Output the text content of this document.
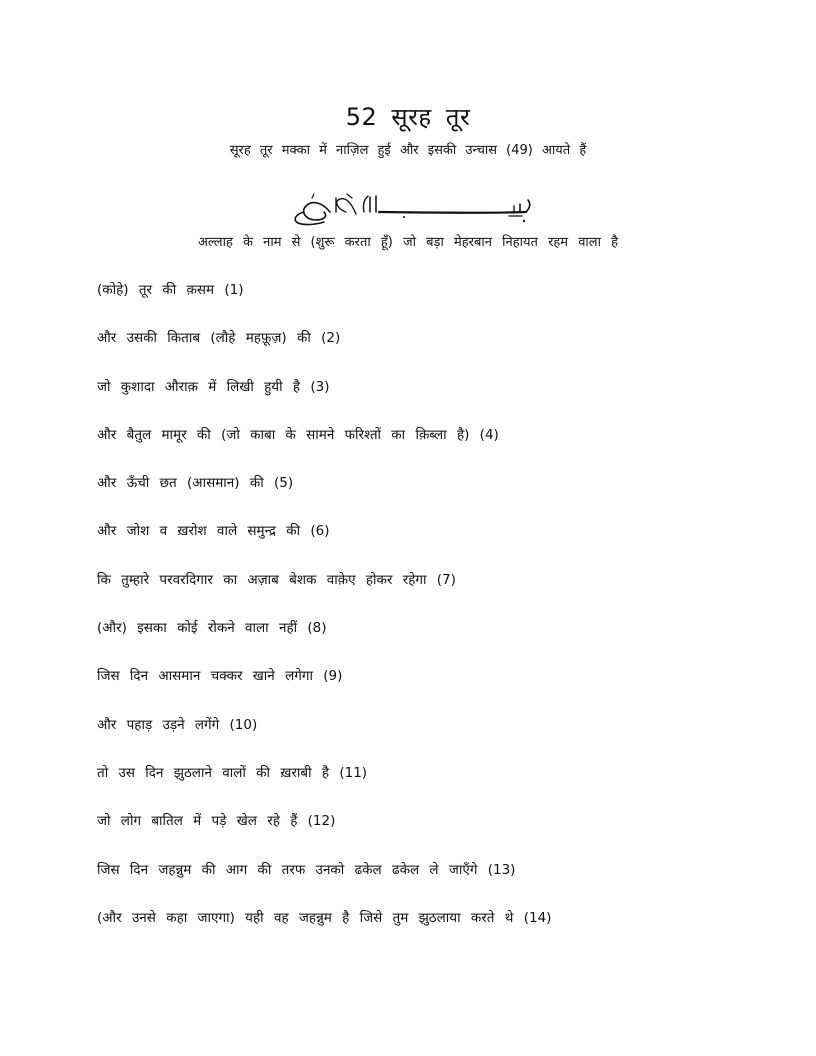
52 सूरह तूर
सूरह तूर मक्का में नाज़िल हुई और इसकी उन्चास (49) आयते हैं
अल्लाह के नाम से (शुरू करता हूँ) जो बड़ा मेहरबान निहायत रहम वाला है
(कोहे) तूर की क़सम (1)
और उसकी किताब (लौहे महफ़ूज़) की (2)
जो कुशादा औराक़ में लिखी हुयी है (3)
और बैतुल मामूर की (जो काबा के सामने फरिश्तों का क़िब्ला है) (4)
और ऊँची छत (आसमान) की (5)
और जोश व ख़रोश वाले समुन्द्र की (6)
कि तुम्हारे परवरदिगार का अज़ाब बेशक वाक़ेए होकर रहेगा (7)
(और) इसका कोई रोकने वाला नहीं (8)
जिस दिन आसमान चक्कर खाने लगेगा (9)
और पहाड़ उड़ने लगेंगे (10)
तो उस दिन झुठलाने वालों की ख़राबी है (11)
जो लोग बातिल में पड़े खेल रहे हैं (12)
जिस दिन जहन्नुम की आग की तरफ उनको ढकेल ढकेल ले जाएँगे (13)
(और उनसे कहा जाएगा) यही वह जहन्नुम है जिसे तुम झुठलाया करते थे (14)
